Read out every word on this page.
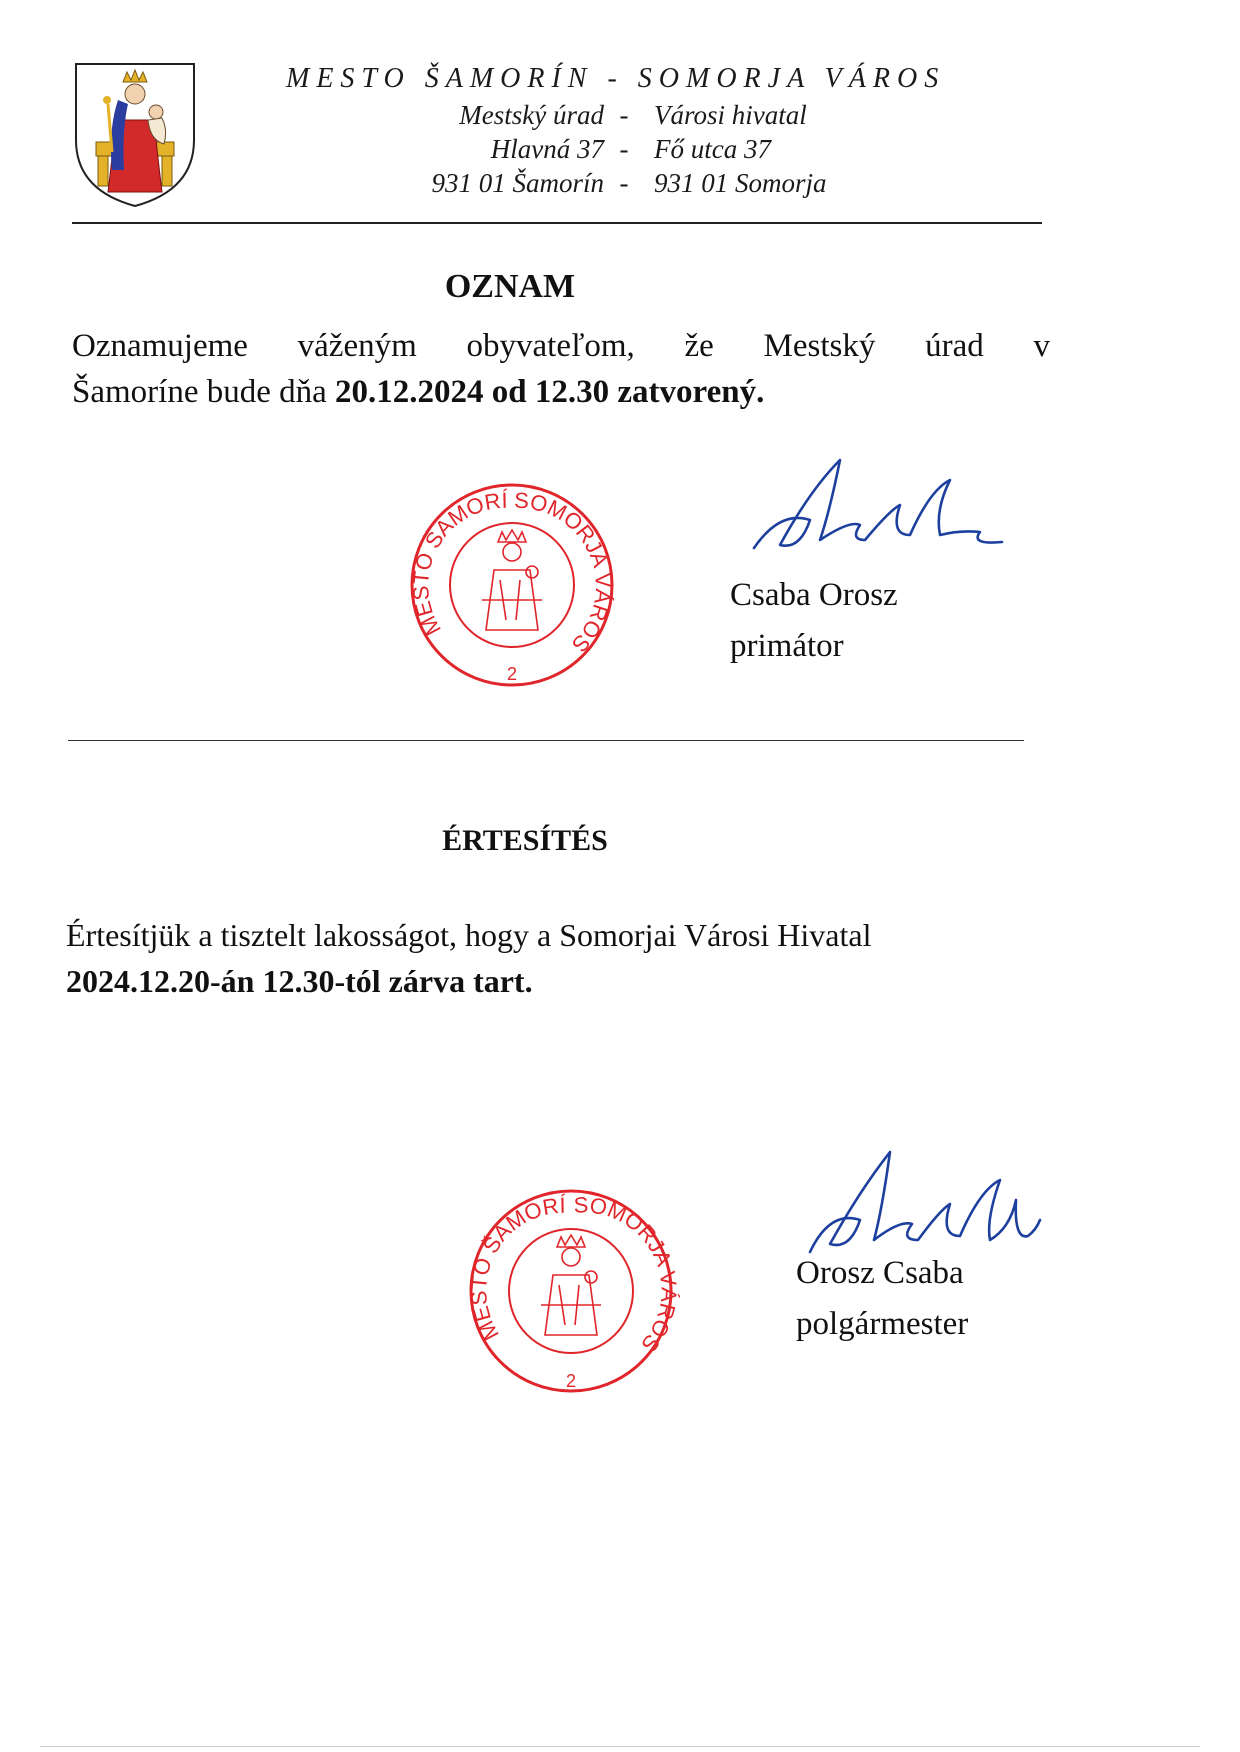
MESTO ŠAMORÍN - SOMORJA VÁROS
Mestský úrad - Városi hivatal
Hlavná 37 - Fő utca 37
931 01 Šamorín - 931 01 Somorja
OZNAM
Oznamujeme váženým obyvateľom, že Mestský úrad v
Šamoríne bude dňa 20.12.2024 od 12.30 zatvorený.
MESTO ŠAMORÍ SOMORJA VÁROS
2
Csaba Orosz
primátor
ÉRTESÍTÉS
Értesítjük a tisztelt lakosságot, hogy a Somorjai Városi Hivatal
2024.12.20-án 12.30-tól zárva tart.
MESTO ŠAMORÍ SOMORJA VÁROS
2
Orosz Csaba
polgármester
